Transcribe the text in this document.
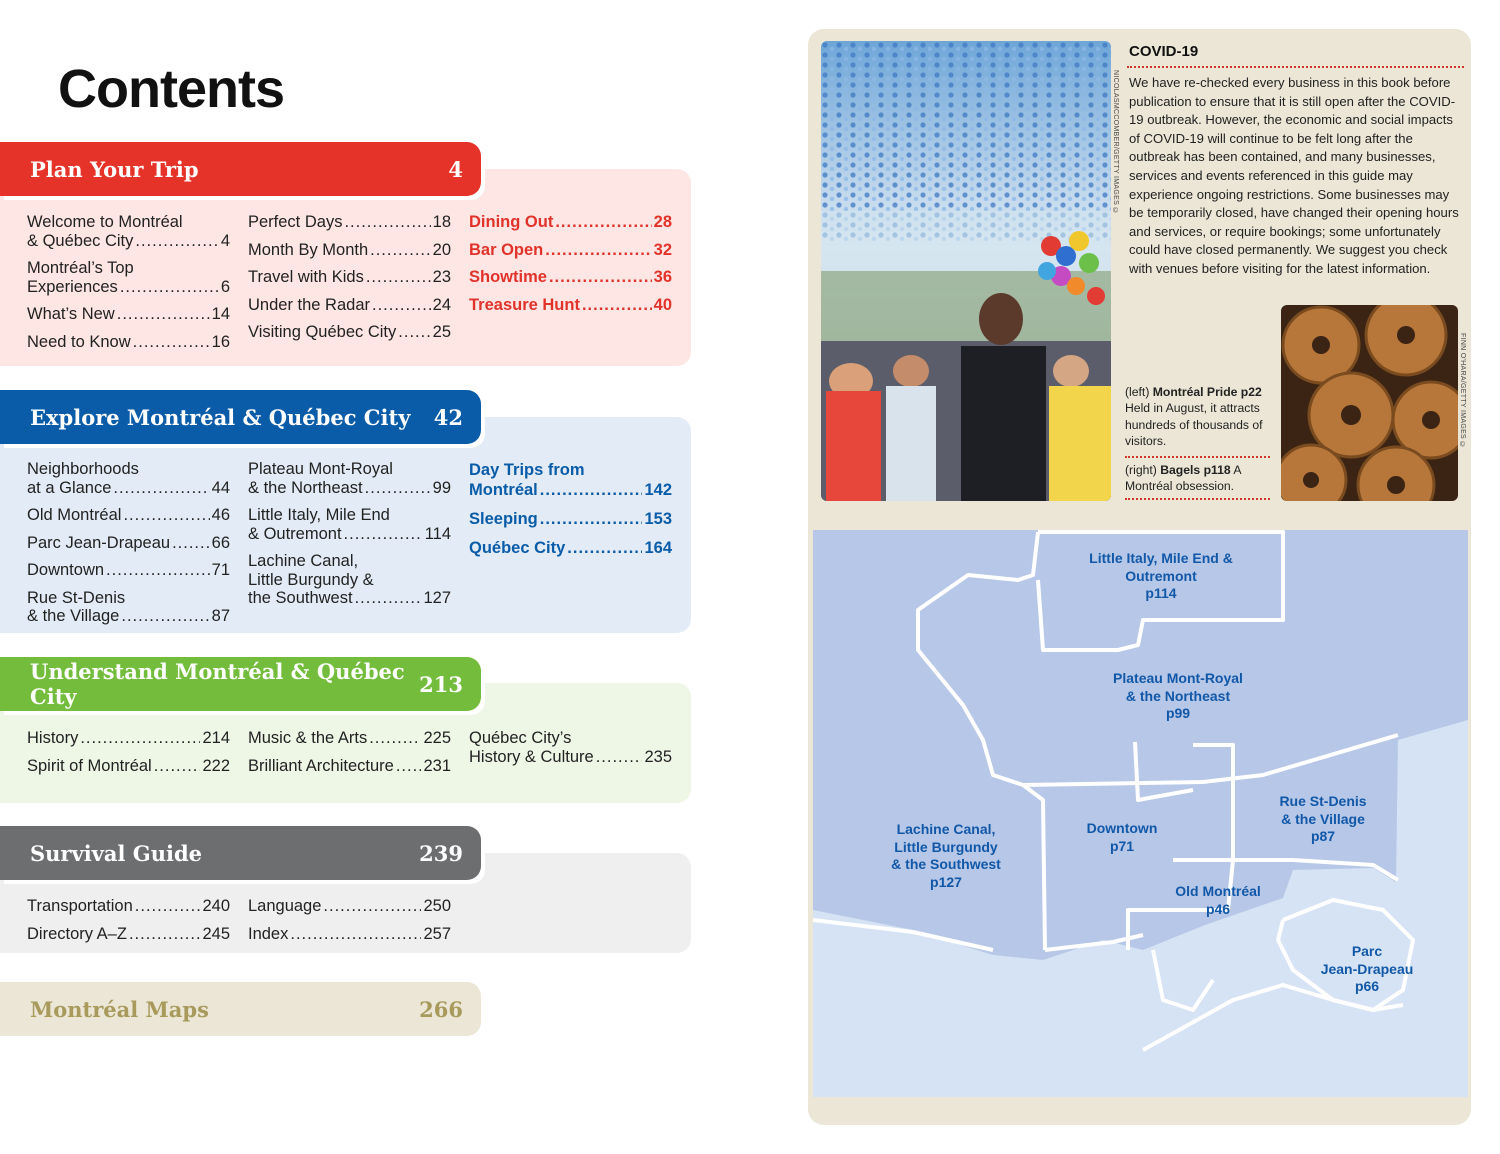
Contents
Plan Your Trip	4
Welcome to Montréal
& Québec City .....	4
Montréal’s Top
Experiences .....	6
What’s New .....	14
Need to Know .....	16
Perfect Days .....	18
Month By Month .....	20
Travel with Kids .....	23
Under the Radar .....	24
Visiting Québec City ..... 25
Dining Out .....	28
Bar Open .....	32
Showtime .....	36
Treasure Hunt .....	40
Explore Montréal & Québec City 42
Neighborhoods
at a Glance .....	44
Old Montréal .....	46
Parc Jean-Drapeau .....	66
Downtown .....	71
Rue St-Denis
& the Village .....	87
Plateau Mont-Royal
& the Northeast .....	99
Little Italy, Mile End
& Outremont .....	114
Lachine Canal,
Little Burgundy &
the Southwest .....	127
Day Trips from
Montréal .....	142
Sleeping .....	153
Québec City .....	164
Understand Montréal & Québec City	213
History .....	214
Spirit of Montréal .....	222
Music & the Arts .....	225
Brilliant Architecture ..... 231
Québec City’s
History & Culture .....	235
Survival Guide	239
Transportation .....	240
Directory A–Z .....	245
Language .....	250
Index .....	257
Montréal Maps	266
NICOLASMCCOMBER/GETTY IMAGES ©
COVID-19
We have re-checked every business in this book before publication to ensure that it is still open after the COVID-19 outbreak. However, the economic and social impacts of COVID-19 will continue to be felt long after the outbreak has been contained, and many businesses, services and events referenced in this guide may experience ongoing restrictions. Some businesses may be temporarily closed, have changed their opening hours and services, or require bookings; some unfortunately could have closed permanently. We suggest you check with venues before visiting for the latest information.
FINN O'HARA/GETTY IMAGES ©
(left) Montréal Pride p22 Held in August, it attracts hundreds of thousands of visitors.
(right) Bagels p118 A Montréal obsession.
Little Italy, Mile End &
Outremont
p114
Plateau Mont-Royal
& the Northeast
p99
Lachine Canal,
Little Burgundy
& the Southwest
p127
Downtown
p71
Rue St-Denis
& the Village
p87
Old Montréal
p46
Parc
Jean-Drapeau
p66
